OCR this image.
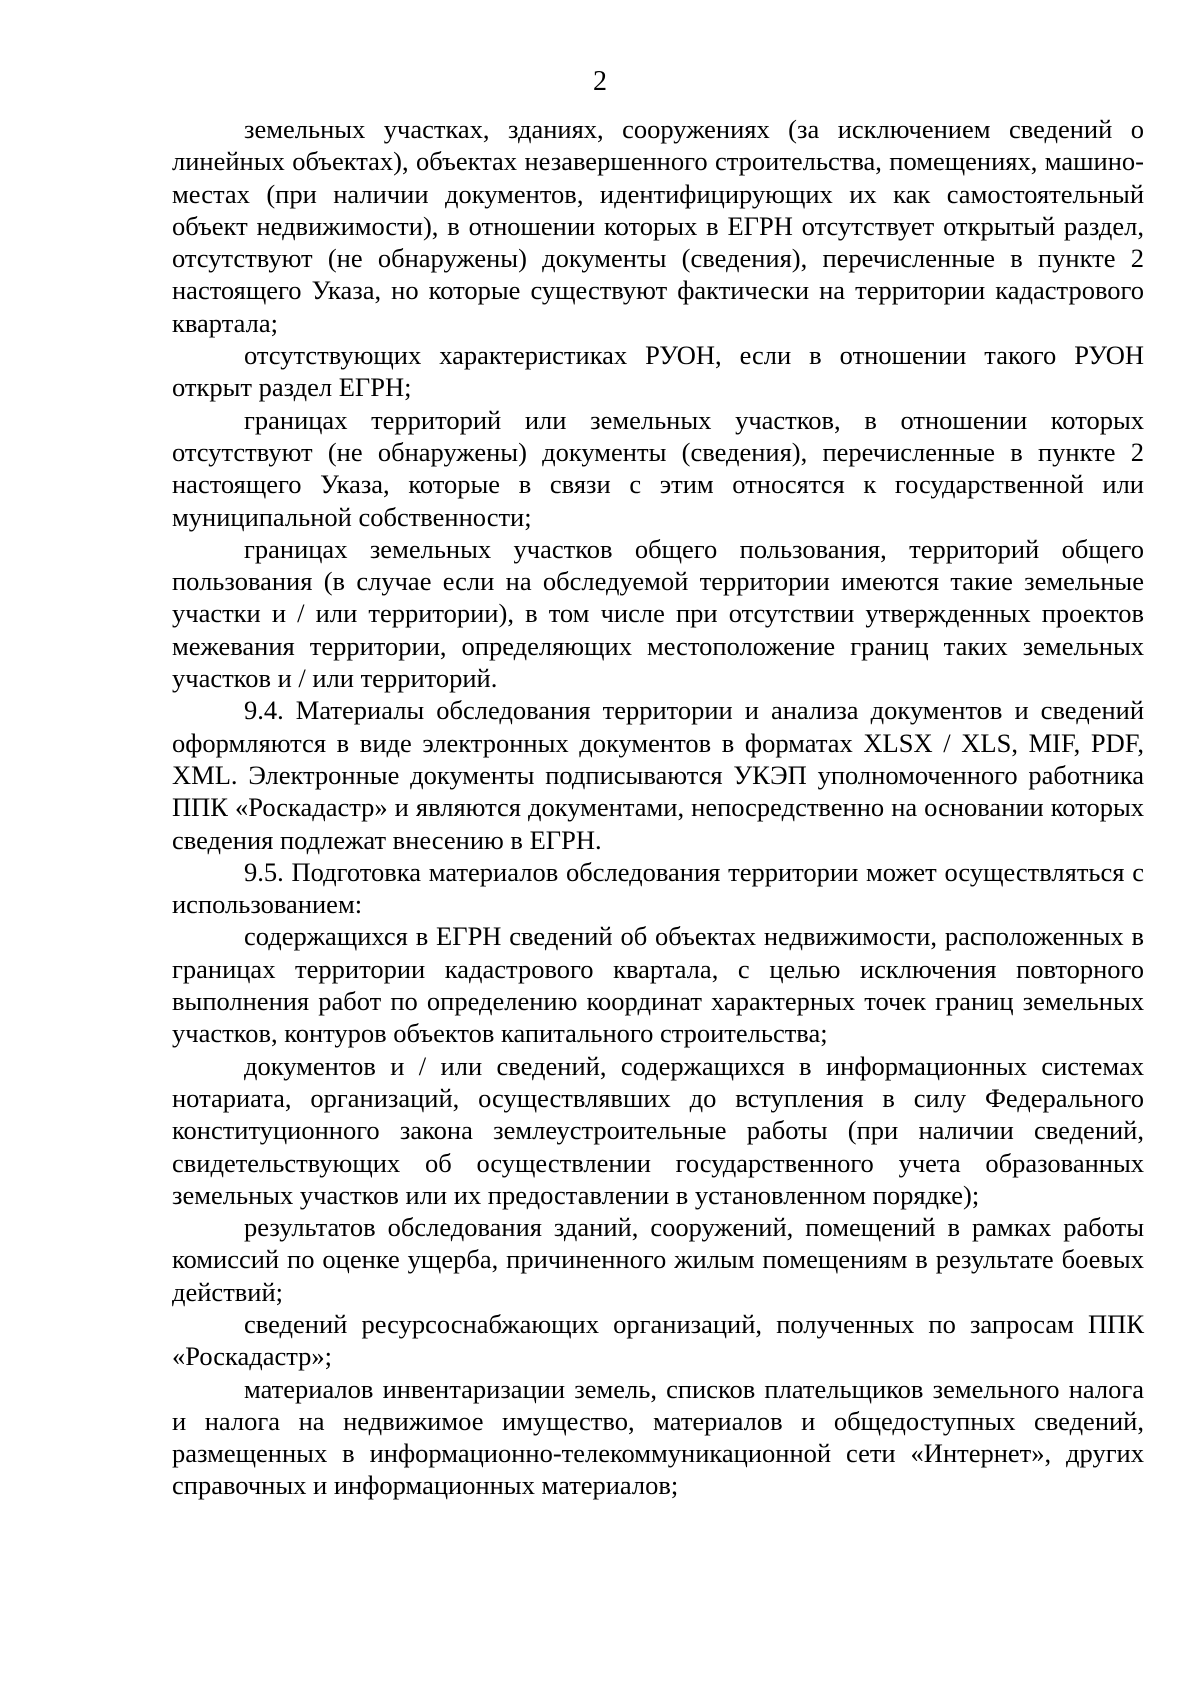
2

земельных участках, зданиях, сооружениях (за исключением сведений о линейных объектах), объектах незавершенного строительства, помещениях, машино-местах (при наличии документов, идентифицирующих их как самостоятельный объект недвижимости), в отношении которых в ЕГРН отсутствует открытый раздел, отсутствуют (не обнаружены) документы (сведения), перечисленные в пункте 2 настоящего Указа, но которые существуют фактически на территории кадастрового квартала;

отсутствующих характеристиках РУОН, если в отношении такого РУОН открыт раздел ЕГРН;

границах территорий или земельных участков, в отношении которых отсутствуют (не обнаружены) документы (сведения), перечисленные в пункте 2 настоящего Указа, которые в связи с этим относятся к государственной или муниципальной собственности;

границах земельных участков общего пользования, территорий общего пользования (в случае если на обследуемой территории имеются такие земельные участки и / или территории), в том числе при отсутствии утвержденных проектов межевания территории, определяющих местоположение границ таких земельных участков и / или территорий.

9.4. Материалы обследования территории и анализа документов и сведений оформляются в виде электронных документов в форматах XLSX / XLS, MIF, PDF, XML. Электронные документы подписываются УКЭП уполномоченного работника ППК «Роскадастр» и являются документами, непосредственно на основании которых сведения подлежат внесению в ЕГРН.

9.5. Подготовка материалов обследования территории может осуществляться с использованием:

содержащихся в ЕГРН сведений об объектах недвижимости, расположенных в границах территории кадастрового квартала, с целью исключения повторного выполнения работ по определению координат характерных точек границ земельных участков, контуров объектов капитального строительства;

документов и / или сведений, содержащихся в информационных системах нотариата, организаций, осуществлявших до вступления в силу Федерального конституционного закона землеустроительные работы (при наличии сведений, свидетельствующих об осуществлении государственного учета образованных земельных участков или их предоставлении в установленном порядке);

результатов обследования зданий, сооружений, помещений в рамках работы комиссий по оценке ущерба, причиненного жилым помещениям в результате боевых действий;

сведений ресурсоснабжающих организаций, полученных по запросам ППК «Роскадастр»;

материалов инвентаризации земель, списков плательщиков земельного налога и налога на недвижимое имущество, материалов и общедоступных сведений, размещенных в информационно-телекоммуникационной сети «Интернет», других справочных и информационных материалов;
